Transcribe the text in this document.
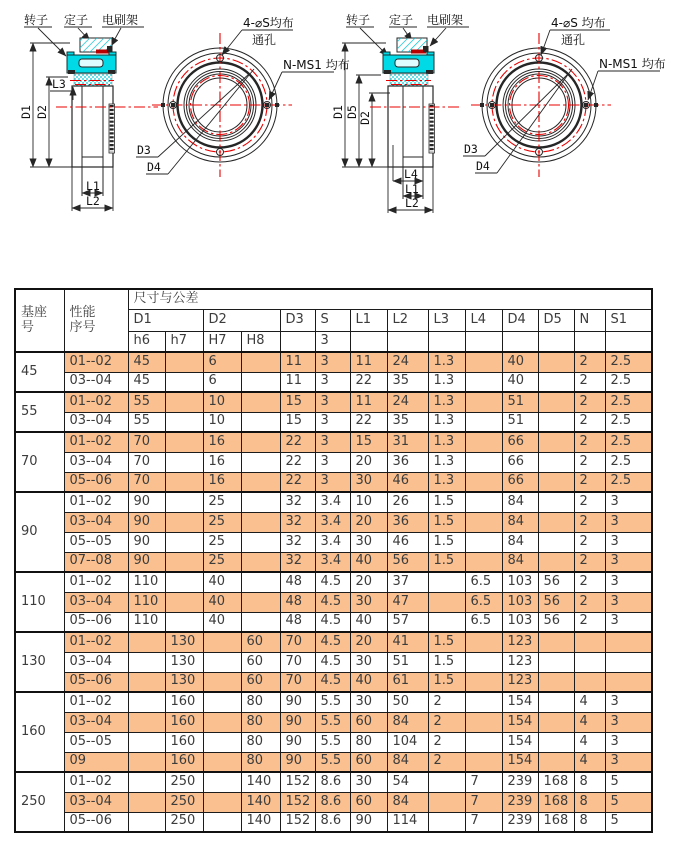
转子 定子 电刷架
D1 D2
L3
L1
L2
4-⌀S均布
通孔
N-MS1 均布
D3
D4
转子 定子 电刷架
D1 D5 D2
L4
L1
L2
4-⌀S 均布
通孔
N-MS1 均布
D3
D4
基座号	性能序号	尺寸与公差													
		D1		D2		D3	S	L1	L2	L3	L4	D4	D5	N	S1
		h6	h7	H7	H8		3								
45	01--02	45		6		11	3	11	24	1.3		40		2	2.5
	03--04	45		6		11	3	22	35	1.3		40		2	2.5
55	01--02	55		10		15	3	11	24	1.3		51		2	2.5
	03--04	55		10		15	3	22	35	1.3		51		2	2.5
70	01--02	70		16		22	3	15	31	1.3		66		2	2.5
	03--04	70		16		22	3	20	36	1.3		66		2	2.5
	05--06	70		16		22	3	30	46	1.3		66		2	2.5
90	01--02	90		25		32	3.4	10	26	1.5		84		2	3
	03--04	90		25		32	3.4	20	36	1.5		84		2	3
	05--05	90		25		32	3.4	30	46	1.5		84		2	3
	07--08	90		25		32	3.4	40	56	1.5		84		2	3
110	01--02	110		40		48	4.5	20	37		6.5	103	56	2	3
	03--04	110		40		48	4.5	30	47		6.5	103	56	2	3
	05--06	110		40		48	4.5	40	57		6.5	103	56	2	3
130	01--02		130		60	70	4.5	20	41	1.5		123			
	03--04		130		60	70	4.5	30	51	1.5		123			
	05--06		130		60	70	4.5	40	61	1.5		123			
160	01--02		160		80	90	5.5	30	50	2		154		4	3
	03--04		160		80	90	5.5	60	84	2		154		4	3
	05--05		160		80	90	5.5	80	104	2		154		4	3
	09		160		80	90	5.5	60	84	2		154		4	3
250	01--02		250		140	152	8.6	30	54		7	239	168	8	5
	03--04		250		140	152	8.6	60	84		7	239	168	8	5
	05--06		250		140	152	8.6	90	114		7	239	168	8	5
